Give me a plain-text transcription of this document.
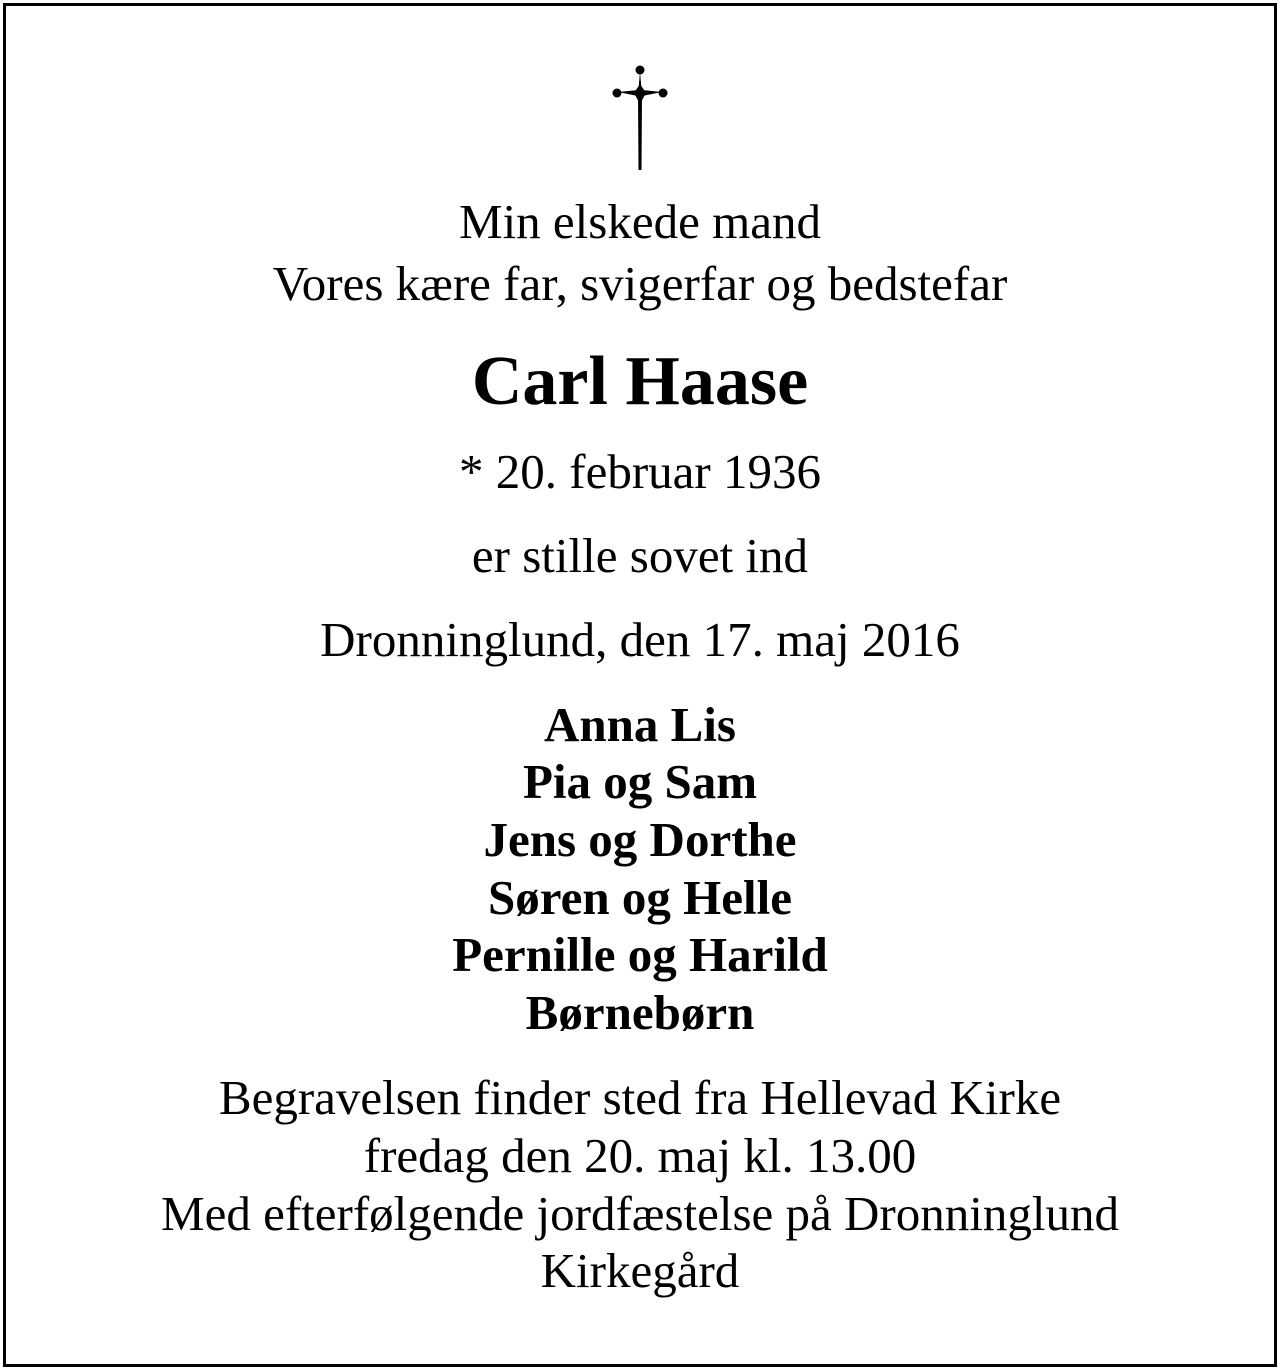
Min elskede mand
Vores kære far, svigerfar og bedstefar
Carl Haase
* 20. februar 1936
er stille sovet ind
Dronninglund, den 17. maj 2016
Anna Lis
Pia og Sam
Jens og Dorthe
Søren og Helle
Pernille og Harild
Børnebørn
Begravelsen finder sted fra Hellevad Kirke
fredag den 20. maj kl. 13.00
Med efterfølgende jordfæstelse på Dronninglund
Kirkegård
